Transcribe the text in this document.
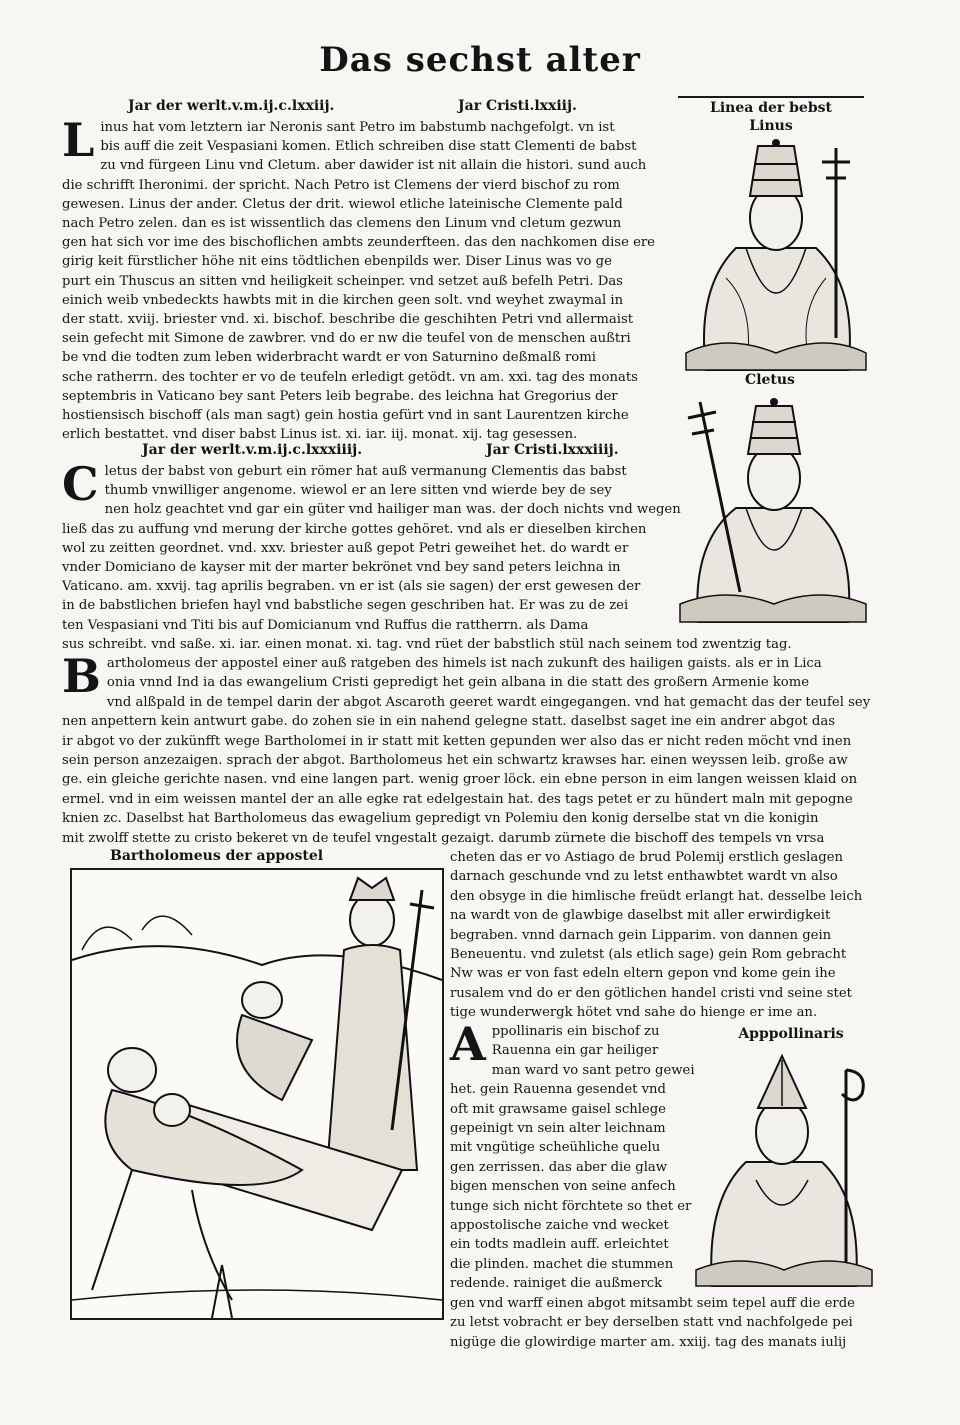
Das sechst alter
Jar der werlt.v.m.ij.c.lxxiij.	Jar Cristi.lxxiij.	Linea der bebst
Linus
L inus hat vom letztern iar Neronis sant Petro im babstumb nachgefolgt. vn ist
bis auff die zeit Vespasiani komen. Etlich schreiben dise statt Clementi de babst
zu vnd fürgeen Linu vnd Cletum. aber dawider ist nit allain die histori. sund auch
die schrifft Iheronimi. der spricht. Nach Petro ist Clemens der vierd bischof zu rom
gewesen. Linus der ander. Cletus der drit. wiewol etliche lateinische Clemente pald
nach Petro zelen. dan es ist wissentlich das clemens den Linum vnd cletum gezwun
gen hat sich vor ime des bischoflichen ambts zeunderfteen. das den nachkomen dise ere
girig keit fürstlicher höhe nit eins tödtlichen ebenpilds wer. Diser Linus was vo ge
purt ein Thuscus an sitten vnd heiligkeit scheinper. vnd setzet auß befelh Petri. Das
einich weib vnbedeckts hawbts mit in die kirchen geen solt. vnd weyhet zwaymal in
der statt. xviij. briester vnd. xi. bischof. beschribe die geschihten Petri vnd allermaist
sein gefecht mit Simone de zawbrer. vnd do er nw die teufel von de menschen außtri
be vnd die todten zum leben widerbracht wardt er von Saturnino deßmalß romi
sche ratherrn. des tochter er vo de teufeln erledigt getödt. vn am. xxi. tag des monats
septembris in Vaticano bey sant Peters leib begrabe. des leichna hat Gregorius der
hostiensisch bischoff (als man sagt) gein hostia gefürt vnd in sant Laurentzen kirche
erlich bestattet. vnd diser babst Linus ist. xi. iar. iij. monat. xij. tag gesessen.
Cletus
Jar der werlt.v.m.ij.c.lxxxiiij.	Jar Cristi.lxxxiiij.
C letus der babst von geburt ein römer hat auß vermanung Clementis das babst
thumb vnwilliger angenome. wiewol er an lere sitten vnd wierde bey de sey
nen holz geachtet vnd gar ein güter vnd hailiger man was. der doch nichts vnd wegen
ließ das zu auffung vnd merung der kirche gottes gehöret. vnd als er dieselben kirchen
wol zu zeitten geordnet. vnd. xxv. briester auß gepot Petri geweihet het. do wardt er
vnder Domiciano de kayser mit der marter bekrönet vnd bey sand peters leichna in
Vaticano. am. xxvij. tag aprilis begraben. vn er ist (als sie sagen) der erst gewesen der
in de babstlichen briefen hayl vnd babstliche segen geschriben hat. Er was zu de zei
ten Vespasiani vnd Titi bis auf Domicianum vnd Ruffus die rattherrn. als Dama
sus schreibt. vnd saße. xi. iar. einen monat. xi. tag. vnd rüet der babstlich stül nach seinem tod zwentzig tag.
B artholomeus der appostel einer auß ratgeben des himels ist nach zukunft des hailigen gaists. als er in Lica
onia vnnd Ind ia das ewangelium Cristi gepredigt het gein albana in die statt des großern Armenie kome
vnd alßpald in de tempel darin der abgot Ascaroth geeret wardt eingegangen. vnd hat gemacht das der teufel sey
nen anpettern kein antwurt gabe. do zohen sie in ein nahend gelegne statt. daselbst saget ine ein andrer abgot das
ir abgot vo der zukünfft wege Bartholomei in ir statt mit ketten gepunden wer also das er nicht reden möcht vnd inen
sein person anzezaigen. sprach der abgot. Bartholomeus het ein schwartz krawses har. einen weyssen leib. große aw
ge. ein gleiche gerichte nasen. vnd eine langen part. wenig groer löck. ein ebne person in eim langen weissen klaid on
ermel. vnd in eim weissen mantel der an alle egke rat edelgestain hat. des tags petet er zu hündert maln mit gepogne
knien zc. Daselbst hat Bartholomeus das ewagelium gepredigt vn Polemiu den konig derselbe stat vn die konigin
mit zwolff stette zu cristo bekeret vn de teufel vngestalt gezaigt. darumb zürnete die bischoff des tempels vn vrsa
Bartholomeus der appostel	cheten das er vo Astiago de brud Polemij erstlich geslagen
darnach geschunde vnd zu letst enthawbtet wardt vn also
den obsyge in die himlische freüdt erlangt hat. desselbe leich
na wardt von de glawbige daselbst mit aller erwirdigkeit
begraben. vnnd darnach gein Lipparim. von dannen gein
Beneuentu. vnd zuletst (als etlich sage) gein Rom gebracht
Nw was er von fast edeln eltern gepon vnd kome gein ihe
rusalem vnd do er den götlichen handel cristi vnd seine stet
tige wunderwergk hötet vnd sahe do hienge er ime an.
Apppollinaris
A ppollinaris ein bischof zu
Rauenna ein gar heiliger
man ward vo sant petro gewei
het. gein Rauenna gesendet vnd
oft mit grawsame gaisel schlege
gepeinigt vn sein alter leichnam
mit vngütige scheühliche quelu
gen zerrissen. das aber die glaw
bigen menschen von seine anfech
tunge sich nicht förchtete so thet er
appostolische zaiche vnd wecket
ein todts madlein auff. erleichtet
die plinden. machet die stummen
redende. rainiget die außmerck
gen vnd warff einen abgot mitsambt seim tepel auff die erde
zu letst vobracht er bey derselben statt vnd nachfolgede pei
nigüge die glowirdige marter am. xxiij. tag des manats iulij
